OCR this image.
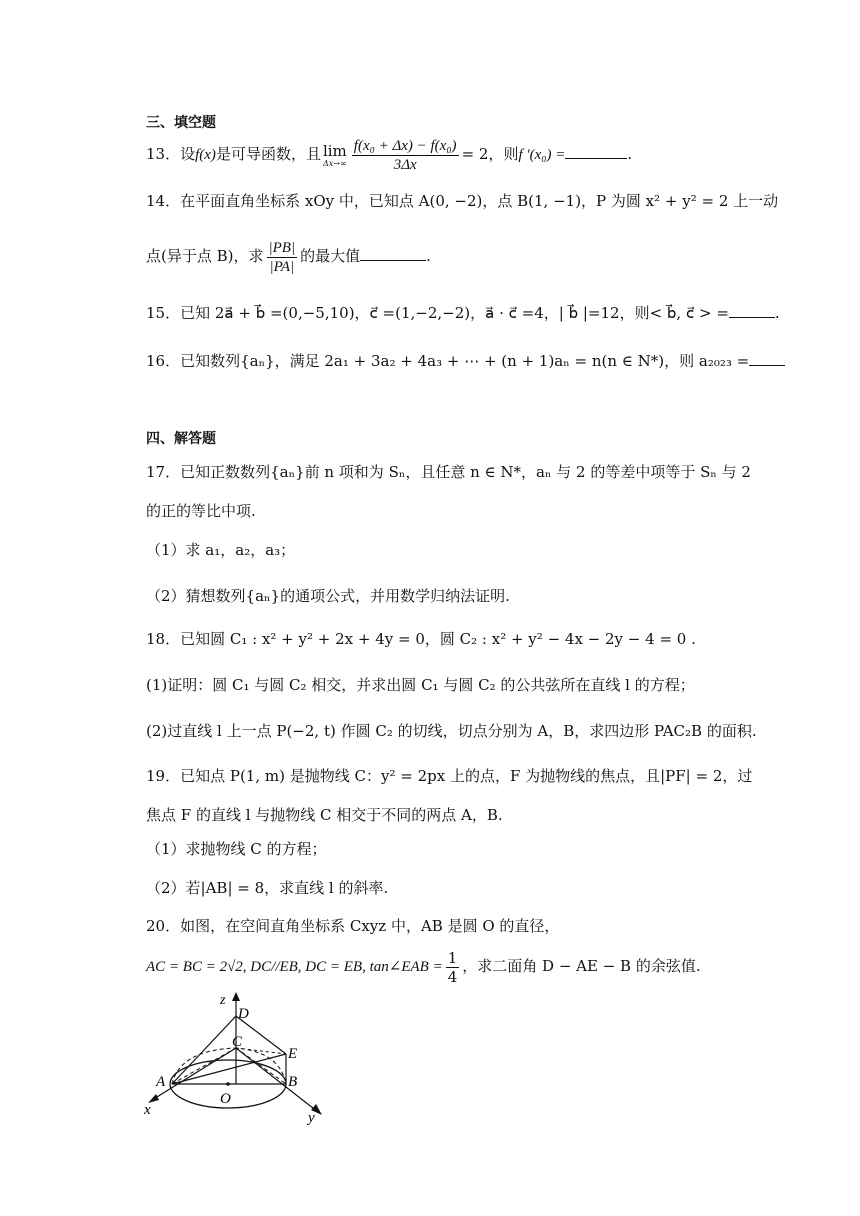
三、填空题
13．设f(x)是可导函数，且 lim
$\Delta x\to\infty \frac{\text{f(x₀ + Δx) − f(x₀)}}{3\Delta x} = 2$，则f ′(x₀) =	.
14．在平面直角坐标系 xOy 中，已知点 A(0, −2)，点 B(1, −1)，P 为圆 x² + y² = 2 上一动
点(异于点 B)，求 $\frac{|PB|}{|PA|}$ 的最大值	.
15．已知 2a⃗ + b⃗ =(0,−5,10)，c⃗ =(1,−2,−2)，a⃗ · c⃗ =4，| b⃗ |=12，则< b⃗, c⃗ > =	.
16．已知数列{aₙ}，满足 2a₁ + 3a₂ + 4a₃ + ⋯ + (n + 1)aₙ = n(n ∈ N*)，则 a₂₀₂₃ =
四、解答题
17．已知正数数列{aₙ}前 n 项和为 Sₙ，且任意 n ∈ N*，aₙ 与 2 的等差中项等于 Sₙ 与 2
的正的等比中项.
（1）求 a₁，a₂，a₃；
（2）猜想数列{aₙ}的通项公式，并用数学归纳法证明.
18．已知圆 C₁ : x² + y² + 2x + 4y = 0，圆 C₂ : x² + y² − 4x − 2y − 4 = 0 .
(1)证明：圆 C₁ 与圆 C₂ 相交，并求出圆 C₁ 与圆 C₂ 的公共弦所在直线 l 的方程；
(2)过直线 l 上一点 P(−2, t) 作圆 C₂ 的切线，切点分别为 A，B，求四边形 PAC₂B 的面积.
19．已知点 P(1, m) 是抛物线 C：y² = 2px 上的点，F 为抛物线的焦点，且|PF| = 2，过
焦点 F 的直线 l 与抛物线 C 相交于不同的两点 A，B.
（1）求抛物线 C 的方程；
（2）若|AB| = 8，求直线 l 的斜率.
20．如图，在空间直角坐标系 Cxyz 中，AB 是圆 O 的直径，
AC = BC = 2√2, DC//EB, DC = EB, tan∠EAB = $\frac{1}{4}$ ，求二面角 D − AE − B 的余弦值.
z
D
C
E
A	B
O
x	y
